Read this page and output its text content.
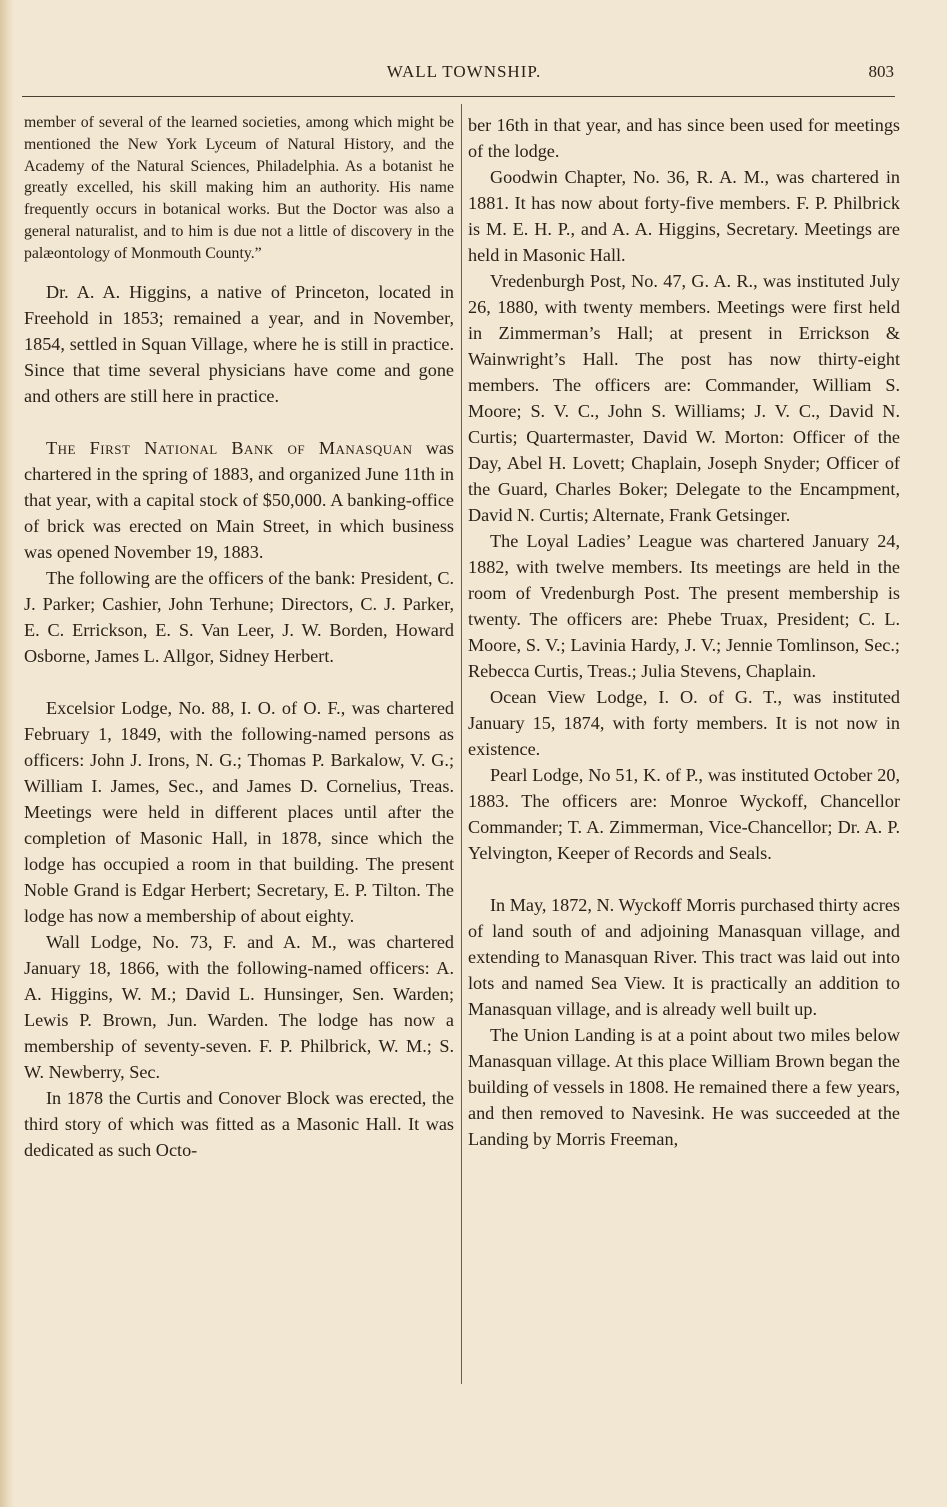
WALL TOWNSHIP.	803

member of several of the learned societies, among which might be mentioned the New York Lyceum of Natural History, and the Academy of the Natural Sciences, Philadelphia. As a botanist he greatly excelled, his skill making him an authority. His name frequently occurs in botanical works. But the Doctor was also a general naturalist, and to him is due not a little of discovery in the palæontology of Monmouth County.”

Dr. A. A. Higgins, a native of Princeton, located in Freehold in 1853; remained a year, and in November, 1854, settled in Squan Village, where he is still in practice. Since that time several physicians have come and gone and others are still here in practice.

The First National Bank of Manasquan was chartered in the spring of 1883, and organized June 11th in that year, with a capital stock of $50,000. A banking-office of brick was erected on Main Street, in which business was opened November 19, 1883.

The following are the officers of the bank: President, C. J. Parker; Cashier, John Terhune; Directors, C. J. Parker, E. C. Errickson, E. S. Van Leer, J. W. Borden, Howard Osborne, James L. Allgor, Sidney Herbert.

Excelsior Lodge, No. 88, I. O. of O. F., was chartered February 1, 1849, with the following-named persons as officers: John J. Irons, N. G.; Thomas P. Barkalow, V. G.; William I. James, Sec., and James D. Cornelius, Treas. Meetings were held in different places until after the completion of Masonic Hall, in 1878, since which the lodge has occupied a room in that building. The present Noble Grand is Edgar Herbert; Secretary, E. P. Tilton. The lodge has now a membership of about eighty.

Wall Lodge, No. 73, F. and A. M., was chartered January 18, 1866, with the following-named officers: A. A. Higgins, W. M.; David L. Hunsinger, Sen. Warden; Lewis P. Brown, Jun. Warden. The lodge has now a membership of seventy-seven. F. P. Philbrick, W. M.; S. W. Newberry, Sec.

In 1878 the Curtis and Conover Block was erected, the third story of which was fitted as a Masonic Hall. It was dedicated as such Octo-

ber 16th in that year, and has since been used for meetings of the lodge.

Goodwin Chapter, No. 36, R. A. M., was chartered in 1881. It has now about forty-five members. F. P. Philbrick is M. E. H. P., and A. A. Higgins, Secretary. Meetings are held in Masonic Hall.

Vredenburgh Post, No. 47, G. A. R., was instituted July 26, 1880, with twenty members. Meetings were first held in Zimmerman’s Hall; at present in Errickson & Wainwright’s Hall. The post has now thirty-eight members. The officers are: Commander, William S. Moore; S. V. C., John S. Williams; J. V. C., David N. Curtis; Quartermaster, David W. Morton: Officer of the Day, Abel H. Lovett; Chaplain, Joseph Snyder; Officer of the Guard, Charles Boker; Delegate to the Encampment, David N. Curtis; Alternate, Frank Getsinger.

The Loyal Ladies’ League was chartered January 24, 1882, with twelve members. Its meetings are held in the room of Vredenburgh Post. The present membership is twenty. The officers are: Phebe Truax, President; C. L. Moore, S. V.; Lavinia Hardy, J. V.; Jennie Tomlinson, Sec.; Rebecca Curtis, Treas.; Julia Stevens, Chaplain.

Ocean View Lodge, I. O. of G. T., was instituted January 15, 1874, with forty members. It is not now in existence.

Pearl Lodge, No 51, K. of P., was instituted October 20, 1883. The officers are: Monroe Wyckoff, Chancellor Commander; T. A. Zimmerman, Vice-Chancellor; Dr. A. P. Yelvington, Keeper of Records and Seals.

In May, 1872, N. Wyckoff Morris purchased thirty acres of land south of and adjoining Manasquan village, and extending to Manasquan River. This tract was laid out into lots and named Sea View. It is practically an addition to Manasquan village, and is already well built up.

The Union Landing is at a point about two miles below Manasquan village. At this place William Brown began the building of vessels in 1808. He remained there a few years, and then removed to Navesink. He was succeeded at the Landing by Morris Freeman,
